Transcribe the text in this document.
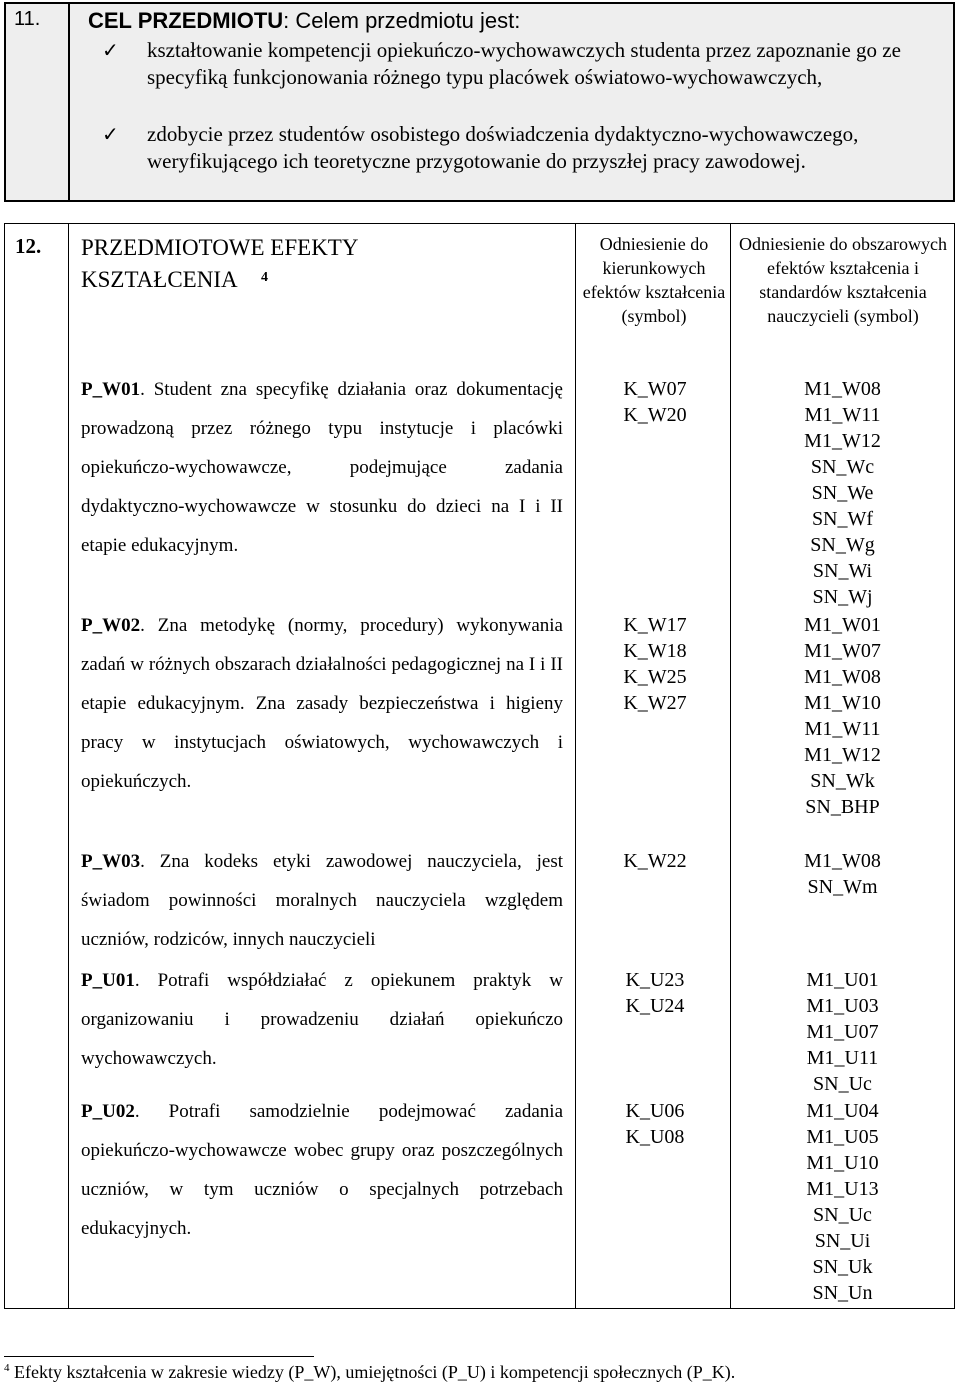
11. CEL PRZEDMIOTU: Celem przedmiotu jest:
✓ kształtowanie kompetencji opiekuńczo-wychowawczych studenta przez zapoznanie go ze specyfiką funkcjonowania różnego typu placówek oświatowo-wychowawczych,
✓ zdobycie przez studentów osobistego doświadczenia dydaktyczno-wychowawczego, weryfikującego ich teoretyczne przygotowanie do przyszłej pracy zawodowej.
12. PRZEDMIOTOWE EFEKTY KSZTAŁCENIA 4
Odniesienie do kierunkowych efektów kształcenia (symbol)
Odniesienie do obszarowych efektów kształcenia i standardów kształcenia nauczycieli (symbol)
P_W01. Student zna specyfikę działania oraz dokumentację prowadzoną przez różnego typu instytucje i placówki opiekuńczo-wychowawcze, podejmujące zadania dydaktyczno-wychowawcze w stosunku do dzieci na I i II etapie edukacyjnym.
K_W07
K_W20
M1_W08
M1_W11
M1_W12
SN_Wc
SN_We
SN_Wf
SN_Wg
SN_Wi
SN_Wj
P_W02. Zna metodykę (normy, procedury) wykonywania zadań w różnych obszarach działalności pedagogicznej na I i II etapie edukacyjnym. Zna zasady bezpieczeństwa i higieny pracy w instytucjach oświatowych, wychowawczych i opiekuńczych.
K_W17
K_W18
K_W25
K_W27
M1_W01
M1_W07
M1_W08
M1_W10
M1_W11
M1_W12
SN_Wk
SN_BHP
P_W03. Zna kodeks etyki zawodowej nauczyciela, jest świadom powinności moralnych nauczyciela względem uczniów, rodziców, innych nauczycieli
K_W22	M1_W08
SN_Wm
P_U01. Potrafi współdziałać z opiekunem praktyk w organizowaniu i prowadzeniu działań opiekuńczo wychowawczych.
K_U23
K_U24
M1_U01
M1_U03
M1_U07
M1_U11
SN_Uc
P_U02. Potrafi samodzielnie podejmować zadania opiekuńczo-wychowawcze wobec grupy oraz poszczególnych uczniów, w tym uczniów o specjalnych potrzebach edukacyjnych.
K_U06
K_U08
M1_U04
M1_U05
M1_U10
M1_U13
SN_Uc
SN_Ui
SN_Uk
SN_Un
$^4$ Efekty kształcenia w zakresie wiedzy (P_W), umiejętności (P_U) i kompetencji społecznych (P_K).
